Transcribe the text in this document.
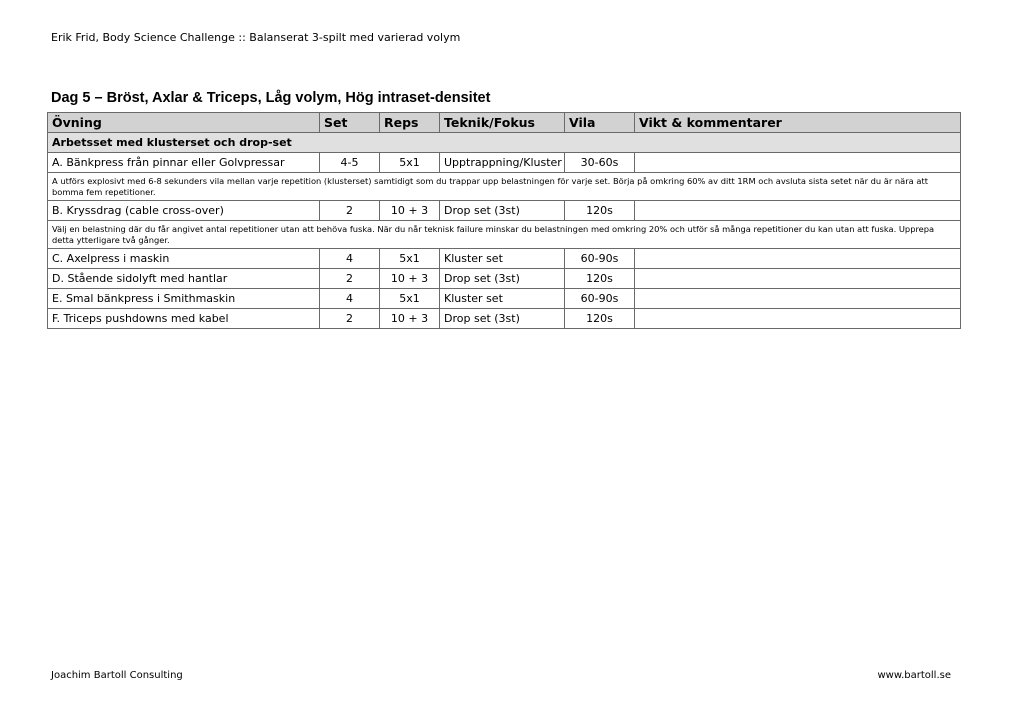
Erik Frid, Body Science Challenge :: Balanserat 3-spilt med varierad volym
Dag 5 – Bröst, Axlar & Triceps, Låg volym, Hög intraset-densitet
Övning	Set	Reps	Teknik/Fokus	Vila	Vikt & kommentarer
Arbetsset med klusterset och drop-set					
A. Bänkpress från pinnar eller Golvpressar	4-5	5x1	Upptrappning/Kluster	30-60s	
A utförs explosivt med 6-8 sekunders vila mellan varje repetition (klusterset) samtidigt som du trappar upp belastningen för varje set. Börja på omkring 60% av ditt 1RM och avsluta sista setet när du är nära att bomma fem repetitioner.					
B. Kryssdrag (cable cross-over)	2	10 + 3	Drop set (3st)	120s	
Välj en belastning där du får angivet antal repetitioner utan att behöva fuska. När du når teknisk failure minskar du belastningen med omkring 20% och utför så många repetitioner du kan utan att fuska. Upprepa detta ytterligare två gånger.					
C. Axelpress i maskin	4	5x1	Kluster set	60-90s	
D. Stående sidolyft med hantlar	2	10 + 3	Drop set (3st)	120s	
E. Smal bänkpress i Smithmaskin	4	5x1	Kluster set	60-90s	
F. Triceps pushdowns med kabel	2	10 + 3	Drop set (3st)	120s	
Joachim Bartoll Consulting	www.bartoll.se
